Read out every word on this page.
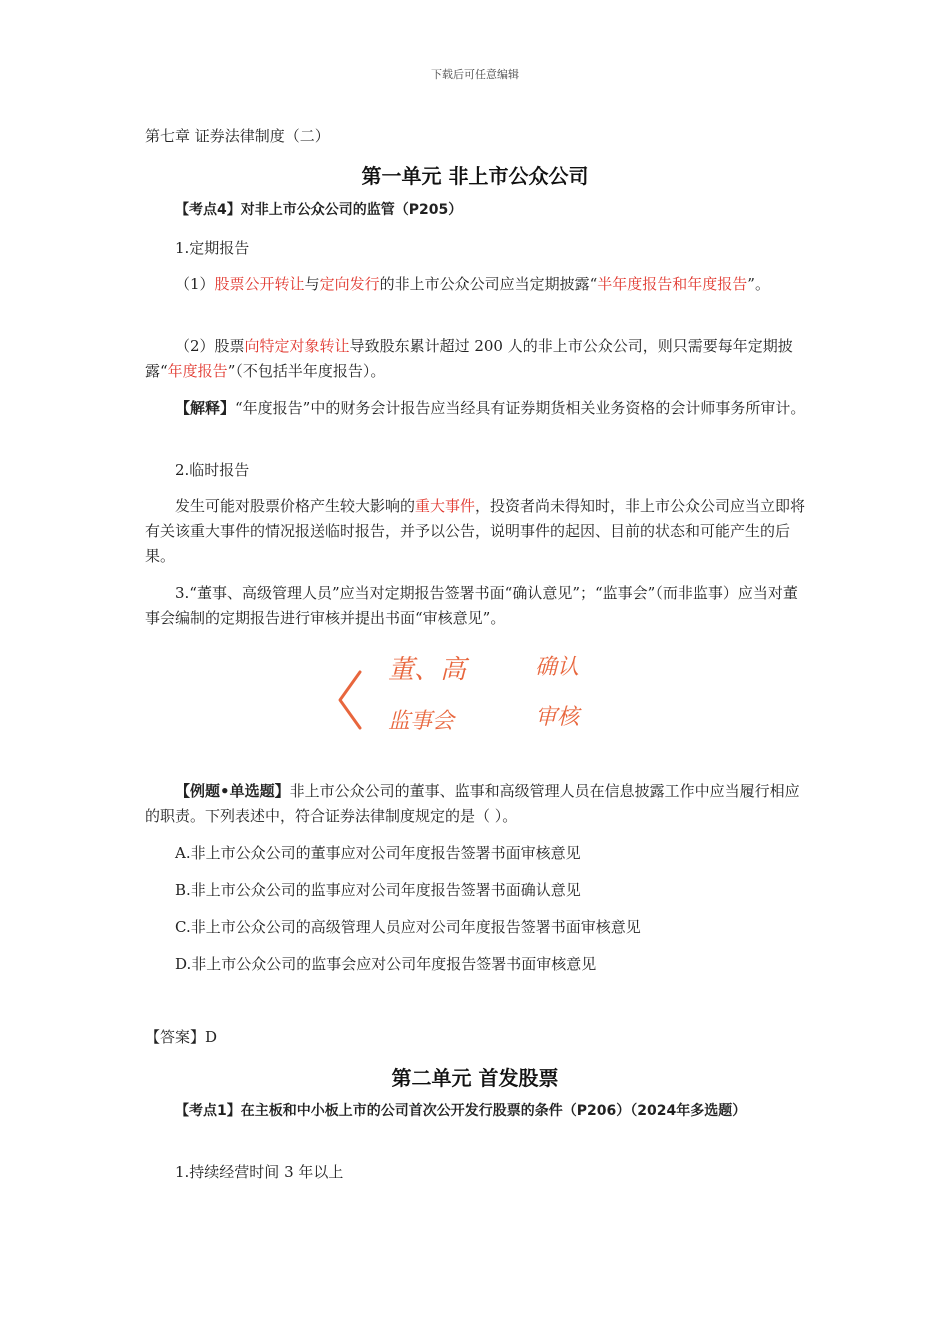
下载后可任意编辑
第七章 证券法律制度（二）
第一单元 非上市公众公司
【考点4】对非上市公众公司的监管（P205）
1.定期报告
（1）股票公开转让与定向发行的非上市公众公司应当定期披露“半年度报告和年度报告”。
（2）股票向特定对象转让导致股东累计超过 200 人的非上市公众公司，则只需要每年定期披露“年度报告”（不包括半年度报告）。
【解释】“年度报告”中的财务会计报告应当经具有证券期货相关业务资格的会计师事务所审计。
2.临时报告
发生可能对股票价格产生较大影响的重大事件，投资者尚未得知时，非上市公众公司应当立即将有关该重大事件的情况报送临时报告，并予以公告，说明事件的起因、目前的状态和可能产生的后果。
3.“董事、高级管理人员”应当对定期报告签署书面“确认意见”；“监事会”（而非监事）应当对董事会编制的定期报告进行审核并提出书面“审核意见”。
董、高	确认
监事会	审核
【例题•单选题】非上市公众公司的董事、监事和高级管理人员在信息披露工作中应当履行相应的职责。下列表述中，符合证券法律制度规定的是（ ）。
A.非上市公众公司的董事应对公司年度报告签署书面审核意见
B.非上市公众公司的监事应对公司年度报告签署书面确认意见
C.非上市公众公司的高级管理人员应对公司年度报告签署书面审核意见
D.非上市公众公司的监事会应对公司年度报告签署书面审核意见
【答案】D
第二单元 首发股票
【考点1】在主板和中小板上市的公司首次公开发行股票的条件（P206）（2024年多选题）
1.持续经营时间 3 年以上
